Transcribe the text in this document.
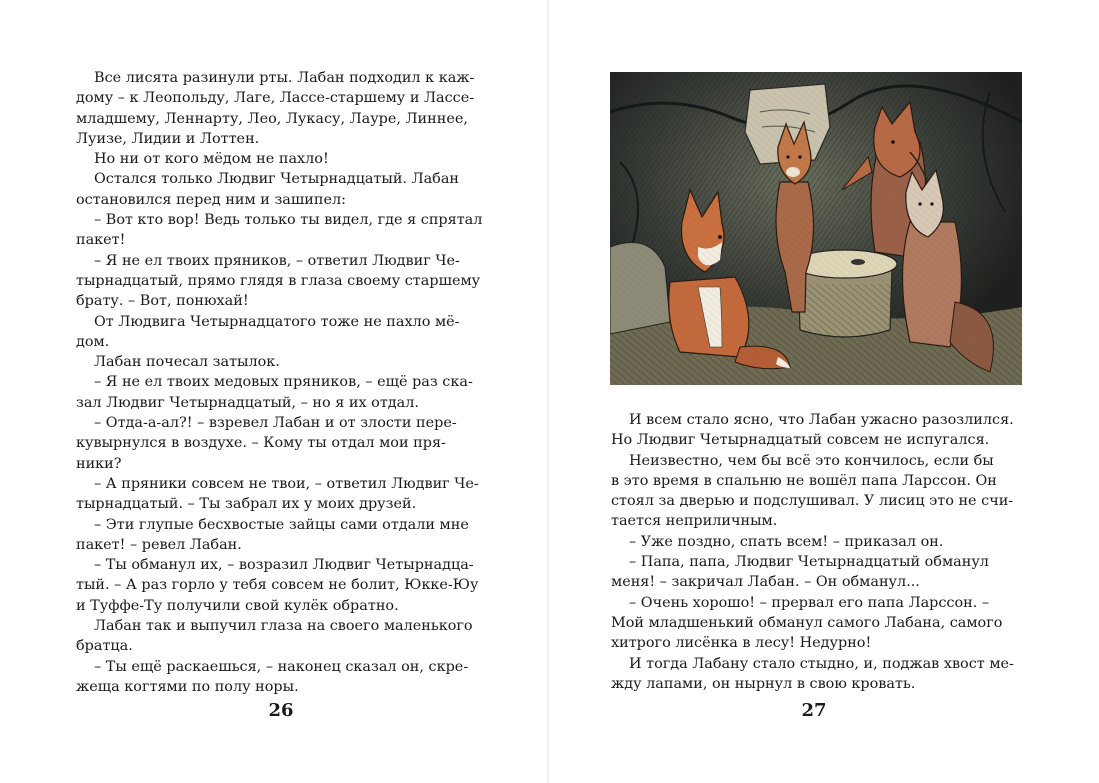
Все лисята разинули рты. Лабан подходил к каж-
дому – к Леопольду, Лаге, Лассе-старшему и Лассе-
младшему, Леннарту, Лео, Лукасу, Лауре, Линнее,
Луизе, Лидии и Лоттен.

Но ни от кого мёдом не пахло!

Остался только Людвиг Четырнадцатый. Лабан
остановился перед ним и зашипел:

– Вот кто вор! Ведь только ты видел, где я спрятал
пакет!

– Я не ел твоих пряников, – ответил Людвиг Че-
тырнадцатый, прямо глядя в глаза своему старшему
брату. – Вот, понюхай!

От Людвига Четырнадцатого тоже не пахло мё-
дом.

Лабан почесал затылок.

– Я не ел твоих медовых пряников, – ещё раз ска-
зал Людвиг Четырнадцатый, – но я их отдал.

– Отда-а-ал?! – взревел Лабан и от злости пере-
кувырнулся в воздухе. – Кому ты отдал мои пря-
ники?

– А пряники совсем не твои, – ответил Людвиг Че-
тырнадцатый. – Ты забрал их у моих друзей.

– Эти глупые бесхвостые зайцы сами отдали мне
пакет! – ревел Лабан.

– Ты обманул их, – возразил Людвиг Четырнадца-
тый. – А раз горло у тебя совсем не болит, Юкке-Юу
и Туффе-Ту получили свой кулёк обратно.

Лабан так и выпучил глаза на своего маленького
братца.

– Ты ещё раскаешься, – наконец сказал он, скре-
жеща когтями по полу норы.

26

И всем стало ясно, что Лабан ужасно разозлился.
Но Людвиг Четырнадцатый совсем не испугался.

Неизвестно, чем бы всё это кончилось, если бы
в это время в спальню не вошёл папа Ларссон. Он
стоял за дверью и подслушивал. У лисиц это не счи-
тается неприличным.

– Уже поздно, спать всем! – приказал он.

– Папа, папа, Людвиг Четырнадцатый обманул
меня! – закричал Лабан. – Он обманул...

– Очень хорошо! – прервал его папа Ларссон. –
Мой младшенький обманул самого Лабана, самого
хитрого лисёнка в лесу! Недурно!

И тогда Лабану стало стыдно, и, поджав хвост ме-
жду лапами, он нырнул в свою кровать.

27
